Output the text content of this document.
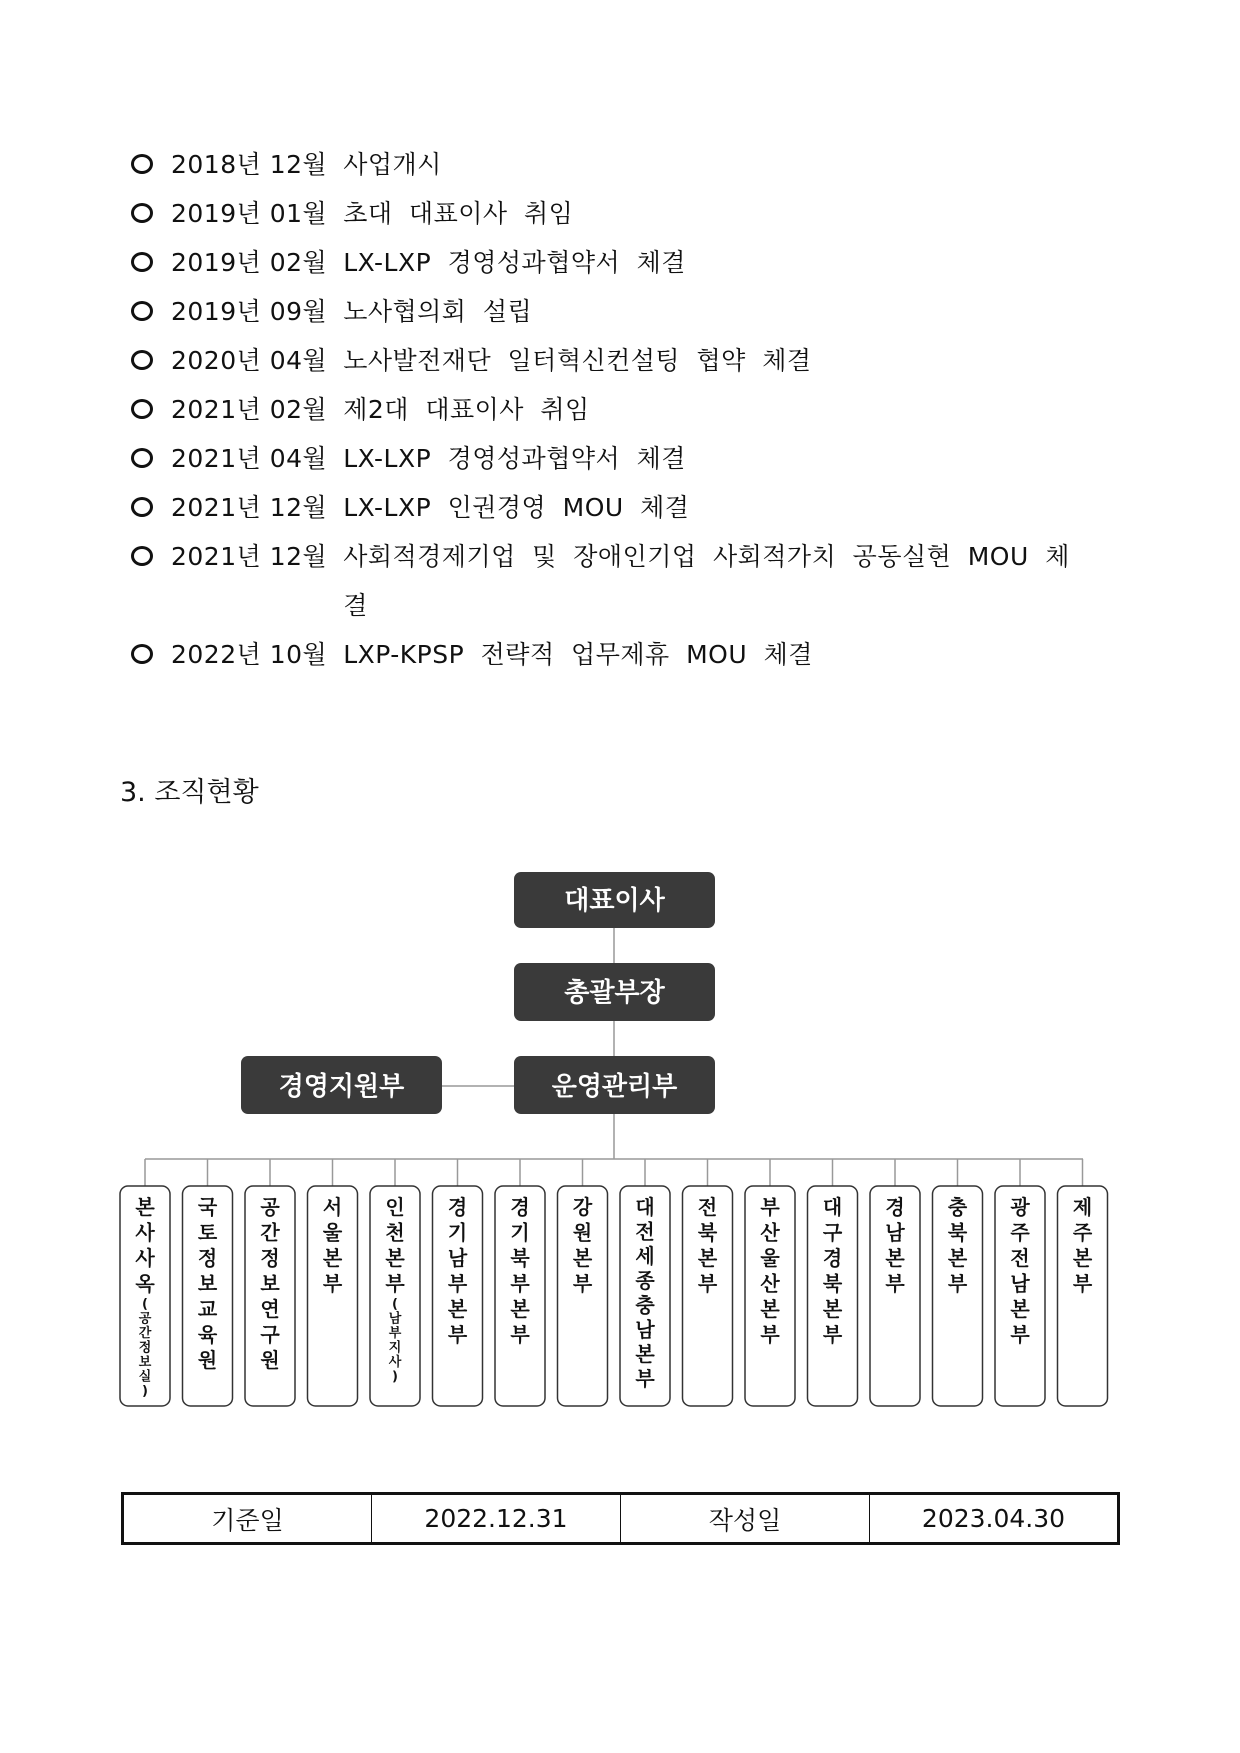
2018년 12월 사업개시
2019년 01월 초대 대표이사 취임
2019년 02월 LX-LXP 경영성과협약서 체결
2019년 09월 노사협의회 설립
2020년 04월 노사발전재단 일터혁신컨설팅 협약 체결
2021년 02월 제2대 대표이사 취임
2021년 04월 LX-LXP 경영성과협약서 체결
2021년 12월 LX-LXP 인권경영 MOU 체결
2021년 12월 사회적경제기업 및 장애인기업 사회적가치 공동실현 MOU 체결
2022년 10월 LXP-KPSP 전략적 업무제휴 MOU 체결
3. 조직현황
대표이사
총괄부장
운영관리부
경영지원부
본 사 사 옥
( 공 간 정 보 실 )
국 토 정 보 교 육 원
공 간 정 보 연 구 원
서 울 본 부
인 천 본 부
( 남 부 지 사 )
경 기 남 부 본 부
경 기 북 부 본 부
강 원 본 부
대 전 세 종 충 남 본 부
전 북 본 부
부 산 울 산 본 부
대 구 경 북 본 부
경 남 본 부
충 북 본 부
광 주 전 남 본 부
제 주 본 부
기준일	2022.12.31	작성일	2023.04.30
